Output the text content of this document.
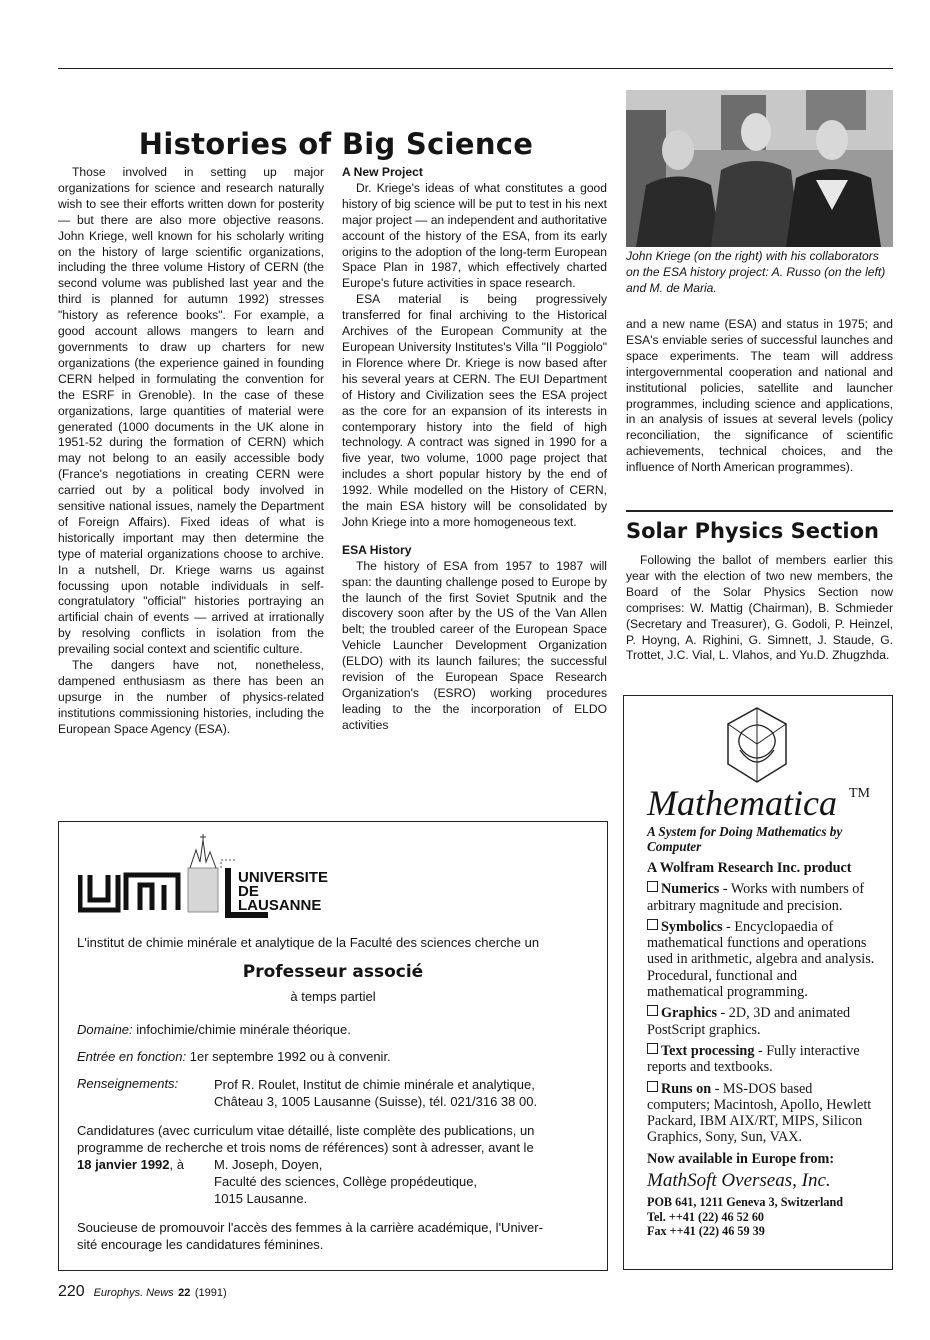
Histories of Big Science

Those involved in setting up major organizations for science and research naturally wish to see their efforts written down for posterity — but there are also more objective reasons. John Kriege, well known for his scholarly writing on the history of large scientific organizations, including the three volume History of CERN (the second volume was published last year and the third is planned for autumn 1992) stresses "history as reference books". For example, a good account allows mangers to learn and governments to draw up charters for new organizations (the experience gained in founding CERN helped in formulating the convention for the ESRF in Grenoble). In the case of these organizations, large quantities of material were generated (1000 documents in the UK alone in 1951-52 during the formation of CERN) which may not belong to an easily accessible body (France's negotiations in creating CERN were carried out by a political body involved in sensitive national issues, namely the Department of Foreign Affairs). Fixed ideas of what is historically important may then determine the type of material organizations choose to archive. In a nutshell, Dr. Kriege warns us against focussing upon notable individuals in self-congratulatory "official" histories portraying an artificial chain of events — arrived at irrationally by resolving conflicts in isolation from the prevailing social context and scientific culture.

The dangers have not, nonetheless, dampened enthusiasm as there has been an upsurge in the number of physics-related institutions commissioning histories, including the European Space Agency (ESA).

A New Project

Dr. Kriege's ideas of what constitutes a good history of big science will be put to test in his next major project — an independent and authoritative account of the history of the ESA, from its early origins to the adoption of the long-term European Space Plan in 1987, which effectively charted Europe's future activities in space research.

ESA material is being progressively transferred for final archiving to the Historical Archives of the European Community at the European University Institutes's Villa "Il Poggiolo" in Florence where Dr. Kriege is now based after his several years at CERN. The EUI Department of History and Civilization sees the ESA project as the core for an expansion of its interests in contemporary history into the field of high technology. A contract was signed in 1990 for a five year, two volume, 1000 page project that includes a short popular history by the end of 1992. While modelled on the History of CERN, the main ESA history will be consolidated by John Kriege into a more homogeneous text.

ESA History

The history of ESA from 1957 to 1987 will span: the daunting challenge posed to Europe by the launch of the first Soviet Sputnik and the discovery soon after by the US of the Van Allen belt; the troubled career of the European Space Vehicle Launcher Development Organization (ELDO) with its launch failures; the successful revision of the European Space Research Organization's (ESRO) working procedures leading to the the incorporation of ELDO activities

John Kriege (on the right) with his collaborators on the ESA history project: A. Russo (on the left) and M. de Maria.

and a new name (ESA) and status in 1975; and ESA's enviable series of successful launches and space experiments. The team will address intergovernmental cooperation and national and institutional policies, satellite and launcher programmes, including science and applications, in an analysis of issues at several levels (policy reconciliation, the significance of scientific achievements, technical choices, and the influence of North American programmes).

Solar Physics Section

Following the ballot of members earlier this year with the election of two new members, the Board of the Solar Physics Section now comprises: W. Mattig (Chairman), B. Schmieder (Secretary and Treasurer), G. Godoli, P. Heinzel, P. Hoyng, A. Righini, G. Simnett, J. Staude, G. Trottet, J.C. Vial, L. Vlahos, and Yu.D. Zhugzhda.

Mathematica TM
A System for Doing Mathematics by Computer
A Wolfram Research Inc. product
Numerics - Works with numbers of arbitrary magnitude and precision.
Symbolics - Encyclopaedia of mathematical functions and operations used in arithmetic, algebra and analysis. Procedural, functional and mathematical programming.
Graphics - 2D, 3D and animated PostScript graphics.
Text processing - Fully interactive reports and textbooks.
Runs on - MS-DOS based computers; Macintosh, Apollo, Hewlett Packard, IBM AIX/RT, MIPS, Silicon Graphics, Sony, Sun, VAX.
Now available in Europe from:
MathSoft Overseas, Inc.
POB 641, 1211 Geneva 3, Switzerland
Tel. ++41 (22) 46 52 60
Fax ++41 (22) 46 59 39
UNIVERSITE
DE
LAUSANNE
L'institut de chimie minérale et analytique de la Faculté des sciences cherche un
Professeur associé
à temps partiel
Domaine: infochimie/chimie minérale théorique.
Entrée en fonction: 1er septembre 1992 ou à convenir.
Renseignements:	Prof R. Roulet, Institut de chimie minérale et analytique,
Château 3, 1005 Lausanne (Suisse), tél. 021/316 38 00.
Candidatures (avec curriculum vitae détaillé, liste complète des publications, un
programme de recherche et trois noms de références) sont à adresser, avant le
18 janvier 1992, à	M. Joseph, Doyen,
Faculté des sciences, Collège propédeutique,
1015 Lausanne.
Soucieuse de promouvoir l'accès des femmes à la carrière académique, l'Univer-
sité encourage les candidatures féminines.
220 Europhys. News 22 (1991)
